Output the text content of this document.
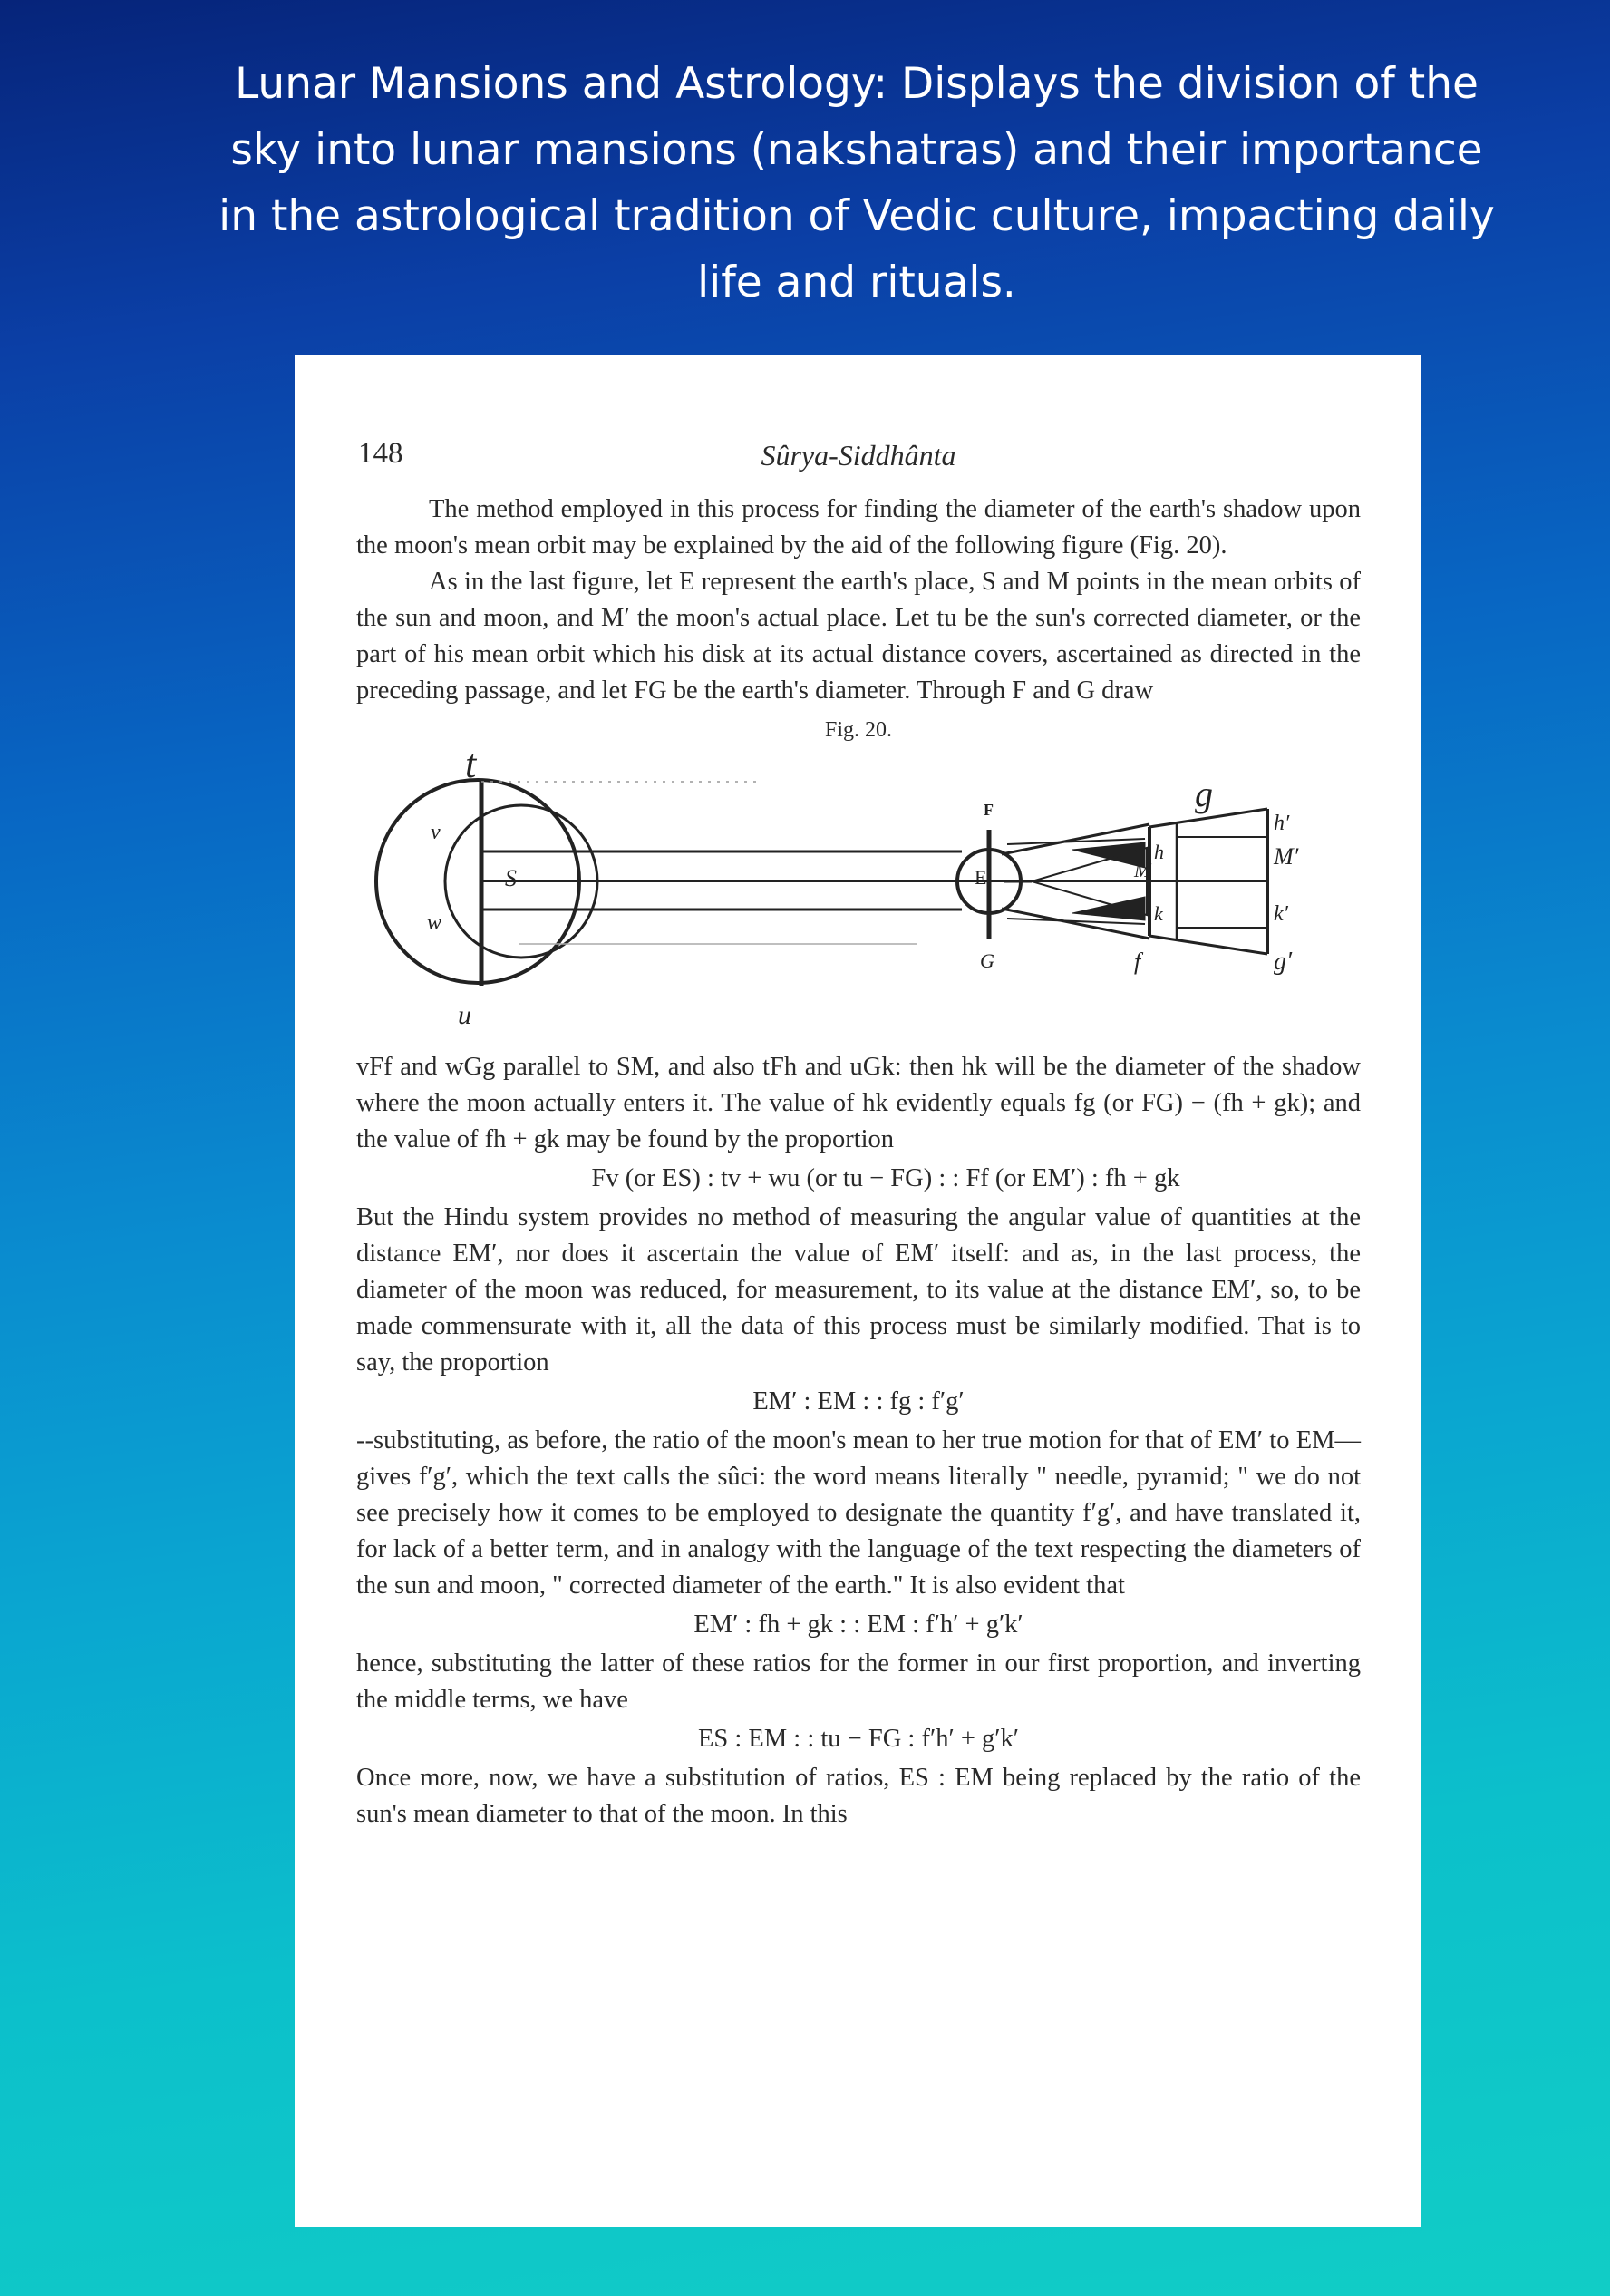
Lunar Mansions and Astrology: Displays the division of the sky into lunar mansions (nakshatras) and their importance in the astrological tradition of Vedic culture, impacting daily life and rituals.
148	Sûrya-Siddhânta

The method employed in this process for finding the diameter of the earth's shadow upon the moon's mean orbit may be explained by the aid of the following figure (Fig. 20).

As in the last figure, let E represent the earth's place, S and M points in the mean orbits of the sun and moon, and M′ the moon's actual place. Let tu be the sun's corrected diameter, or the part of his mean orbit which his disk at its actual distance covers, ascertained as directed in the preceding passage, and let FG be the earth's diameter. Through F and G draw

Fig. 20.
t
v
S
w
u
F
E
G
M
h
k
f
g
h′
M′
k′
g′

vFf and wGg parallel to SM, and also tFh and uGk: then hk will be the diameter of the shadow where the moon actually enters it. The value of hk evidently equals fg (or FG) − (fh + gk); and the value of fh + gk may be found by the proportion

Fv (or ES) : tv + wu (or tu − FG) : : Ff (or EM′) : fh + gk

But the Hindu system provides no method of measuring the angular value of quantities at the distance EM′, nor does it ascertain the value of EM′ itself: and as, in the last process, the diameter of the moon was reduced, for measurement, to its value at the distance EM′, so, to be made commensurate with it, all the data of this process must be similarly modified. That is to say, the proportion

EM′ : EM : : fg : f′g′

--substituting, as before, the ratio of the moon's mean to her true motion for that of EM′ to EM—gives f′g′, which the text calls the sûci: the word means literally " needle, pyramid; " we do not see precisely how it comes to be employed to designate the quantity f′g′, and have translated it, for lack of a better term, and in analogy with the language of the text respecting the diameters of the sun and moon, " corrected diameter of the earth." It is also evident that

EM′ : fh + gk : : EM : f′h′ + g′k′

hence, substituting the latter of these ratios for the former in our first proportion, and inverting the middle terms, we have

ES : EM : : tu − FG : f′h′ + g′k′

Once more, now, we have a substitution of ratios, ES : EM being replaced by the ratio of the sun's mean diameter to that of the moon. In this
